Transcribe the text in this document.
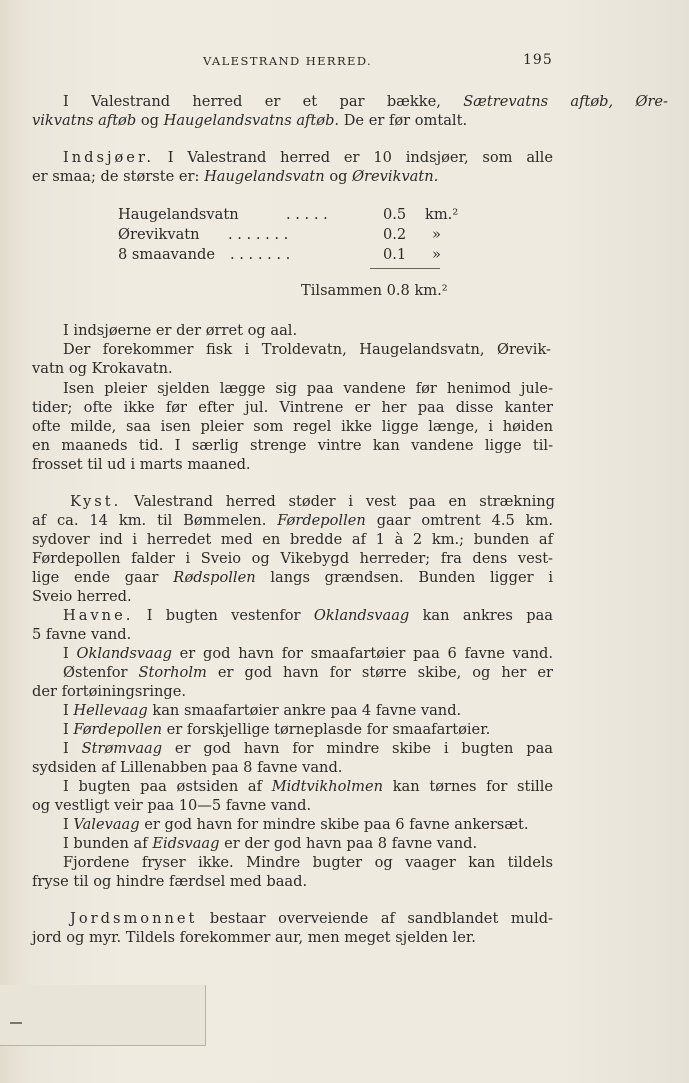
VALESTRAND HERRED.	195
I Valestrand herred er et par bække, Sætrevatns aftøb, Øre-
vikvatns aftøb og Haugelandsvatns aftøb. De er før omtalt.
Indsjøer. I Valestrand herred er 10 indsjøer, som alle
er smaa; de største er: Haugelandsvatn og Ørevikvatn.
Haugelandsvatn	. . . . .	0.5 km.²
Ørevikvatn . . . . . . .	0.2 »
8 smaavande . . . . . . .	0.1 »
Tilsammen 0.8 km.²
I indsjøerne er der ørret og aal.
Der forekommer fisk i Troldevatn, Haugelandsvatn, Ørevik-
vatn og Krokavatn.
Isen pleier sjelden lægge sig paa vandene før henimod jule-
tider; ofte ikke før efter jul. Vintrene er her paa disse kanter
ofte milde, saa isen pleier som regel ikke ligge længe, i høiden
en maaneds tid. I særlig strenge vintre kan vandene ligge til-
frosset til ud i marts maaned.
Kyst. Valestrand herred støder i vest paa en strækning
af ca. 14 km. til Bømmelen. Førdepollen gaar omtrent 4.5 km.
sydover ind i herredet med en bredde af 1 à 2 km.; bunden af
Førdepollen falder i Sveio og Vikebygd herreder; fra dens vest-
lige ende gaar Rødspollen langs grændsen. Bunden ligger i
Sveio herred.
Havne. I bugten vestenfor Oklandsvaag kan ankres paa
5 favne vand.
I Oklandsvaag er god havn for smaafartøier paa 6 favne vand.
Østenfor Storholm er god havn for større skibe, og her er
der fortøiningsringe.
I Hellevaag kan smaafartøier ankre paa 4 favne vand.
I Førdepollen er forskjellige tørneplasde for smaafartøier.
I Strømvaag er god havn for mindre skibe i bugten paa
sydsiden af Lillenabben paa 8 favne vand.
I bugten paa østsiden af Midtvikholmen kan tørnes for stille
og vestligt veir paa 10—5 favne vand.
I Valevaag er god havn for mindre skibe paa 6 favne ankersæt.
I bunden af Eidsvaag er der god havn paa 8 favne vand.
Fjordene fryser ikke. Mindre bugter og vaager kan tildels
fryse til og hindre færdsel med baad.
Jordsmonnet bestaar overveiende af sandblandet muld-
jord og myr. Tildels forekommer aur, men meget sjelden ler.
